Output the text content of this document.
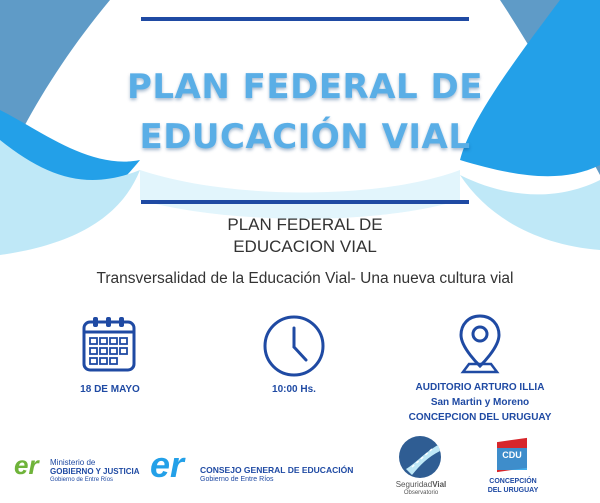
PLAN FEDERAL DE
EDUCACIÓN VIAL
PLAN FEDERAL DE
EDUCACION VIAL
Transversalidad de la Educación Vial- Una nueva cultura vial
18 DE MAYO	10:00 Hs.	AUDITORIO ARTURO ILLIA
San Martin y Moreno
CONCEPCION DEL URUGUAY
er Ministerio de
GOBIERNO Y JUSTICIA
Gobierno de Entre Ríos	er CONSEJO GENERAL DE EDUCACIÓN
Gobierno de Entre Ríos
SeguridadVial
Observatorio
CDU
CONCEPCIÓN
DEL URUGUAY
